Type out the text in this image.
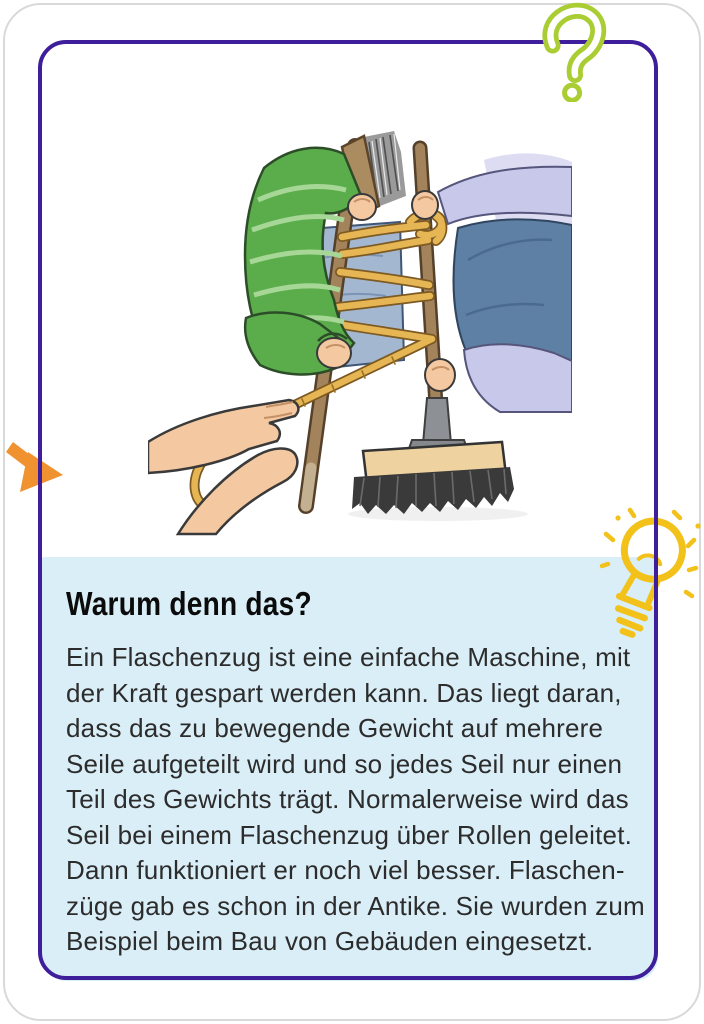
Warum denn das?
Ein Flaschenzug ist eine einfache Maschine, mit
der Kraft gespart werden kann. Das liegt daran,
dass das zu bewegende Gewicht auf mehrere
Seile aufgeteilt wird und so jedes Seil nur einen
Teil des Gewichts trägt. Normalerweise wird das
Seil bei einem Flaschenzug über Rollen geleitet.
Dann funktioniert er noch viel besser. Flaschen-
züge gab es schon in der Antike. Sie wurden zum
Beispiel beim Bau von Gebäuden eingesetzt.
